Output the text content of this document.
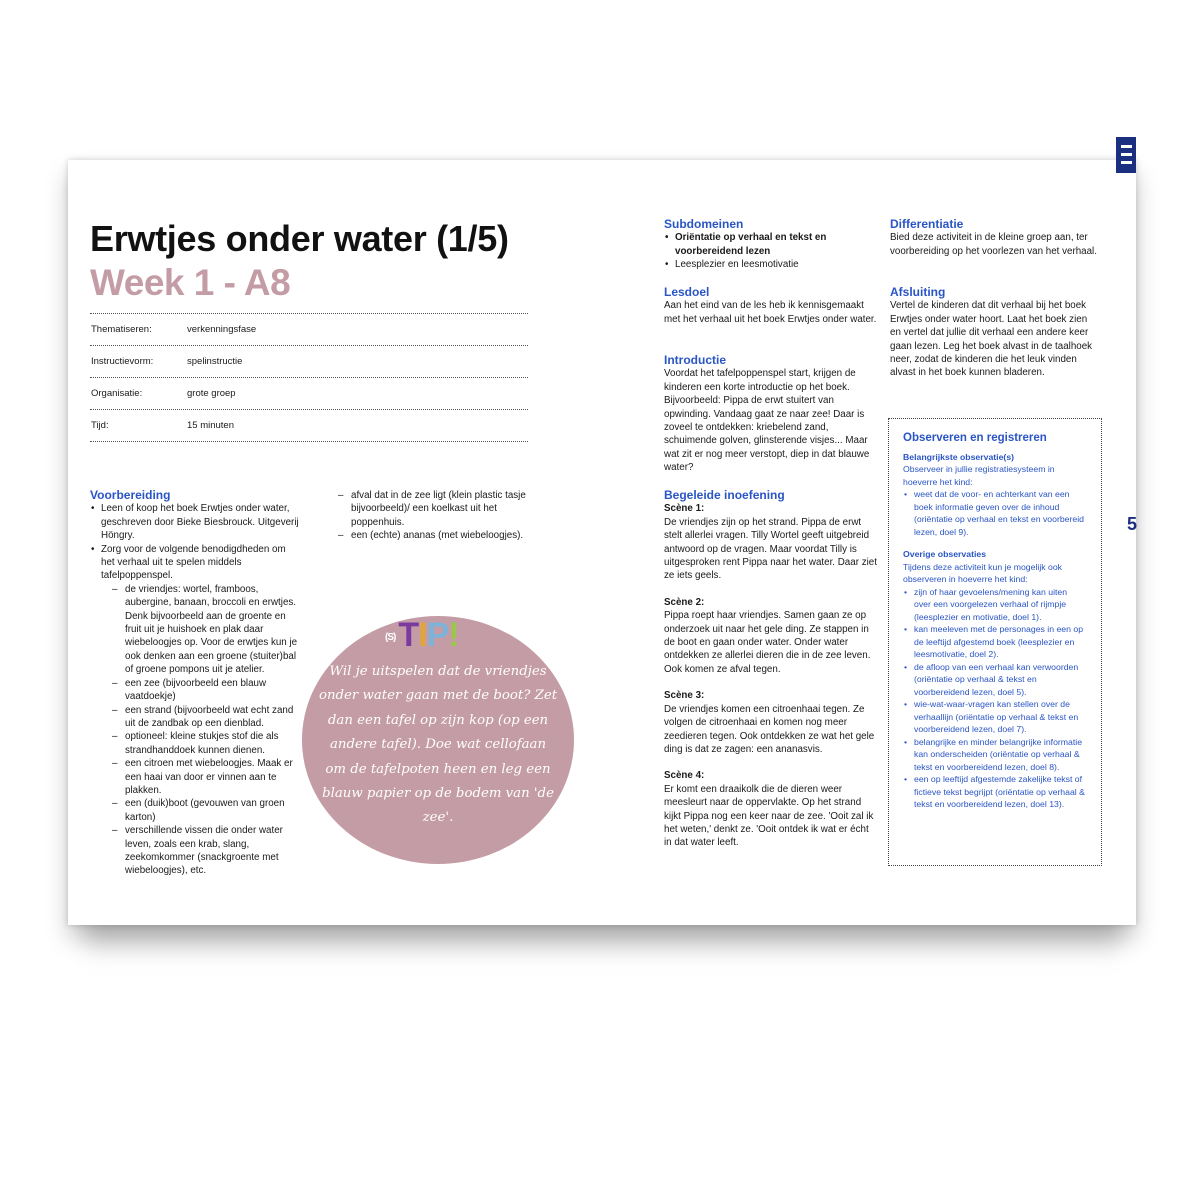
5
Erwtjes onder water (1/5)
Week 1 - A8
Thematiseren:	verkenningsfase
Instructievorm:	spelinstructie
Organisatie:	grote groep
Tijd:	15 minuten
Voorbereiding
• Leen of koop het boek Erwtjes onder water, geschreven door Bieke Biesbrouck. Uitgeverij Höngry.
• Zorg voor de volgende benodigdheden om het verhaal uit te spelen middels tafelpoppenspel.
– de vriendjes: wortel, framboos, aubergine, banaan, broccoli en erwtjes. Denk bijvoorbeeld aan de groente en fruit uit je huishoek en plak daar wiebeloogjes op. Voor de erwtjes kun je ook denken aan een groene (stuiter)bal of groene pompons uit je atelier.
– een zee (bijvoorbeeld een blauw vaatdoekje)
– een strand (bijvoorbeeld wat echt zand uit de zandbak op een dienblad.
– optioneel: kleine stukjes stof die als strandhanddoek kunnen dienen.
– een citroen met wiebeloogjes. Maak er een haai van door er vinnen aan te plakken.
– een (duik)boot (gevouwen van groen karton)
– verschillende vissen die onder water leven, zoals een krab, slang, zeekomkommer (snackgroente met wiebeloogjes), etc.
– afval dat in de zee ligt (klein plastic tasje bijvoorbeeld)/ een koelkast uit het poppenhuis.
– een (echte) ananas (met wiebeloogjes).
(S)TIP!
Wil je uitspelen dat de vriendjes onder water gaan met de boot? Zet dan een tafel op zijn kop (op een andere tafel). Doe wat cellofaan om de tafelpoten heen en leg een blauw papier op de bodem van 'de zee'.
Subdomeinen
• Oriëntatie op verhaal en tekst en voorbereidend lezen
• Leesplezier en leesmotivatie
Lesdoel

Aan het eind van de les heb ik kennisgemaakt met het verhaal uit het boek Erwtjes onder water.

Introductie

Voordat het tafelpoppenspel start, krijgen de kinderen een korte introductie op het boek. Bijvoorbeeld: Pippa de erwt stuitert van opwinding. Vandaag gaat ze naar zee! Daar is zoveel te ontdekken: kriebelend zand, schuimende golven, glinsterende visjes... Maar wat zit er nog meer verstopt, diep in dat blauwe water?

Begeleide inoefening

Scène 1:

De vriendjes zijn op het strand. Pippa de erwt stelt allerlei vragen. Tilly Wortel geeft uitgebreid antwoord op de vragen. Maar voordat Tilly is uitgesproken rent Pippa naar het water. Daar ziet ze iets geels.

Scène 2:

Pippa roept haar vriendjes. Samen gaan ze op onderzoek uit naar het gele ding. Ze stappen in de boot en gaan onder water. Onder water ontdekken ze allerlei dieren die in de zee leven. Ook komen ze afval tegen.

Scène 3:

De vriendjes komen een citroenhaai tegen. Ze volgen de citroenhaai en komen nog meer zeedieren tegen. Ook ontdekken ze wat het gele ding is dat ze zagen: een ananasvis.

Scène 4:

Er komt een draaikolk die de dieren weer meesleurt naar de oppervlakte. Op het strand kijkt Pippa nog een keer naar de zee. 'Ooit zal ik het weten,' denkt ze. 'Ooit ontdek ik wat er écht in dat water leeft.

Differentiatie

Bied deze activiteit in de kleine groep aan, ter voorbereiding op het voorlezen van het verhaal.

Afsluiting

Vertel de kinderen dat dit verhaal bij het boek Erwtjes onder water hoort. Laat het boek zien en vertel dat jullie dit verhaal een andere keer gaan lezen. Leg het boek alvast in de taalhoek neer, zodat de kinderen die het leuk vinden alvast in het boek kunnen bladeren.

Observeren en registreren
Belangrijkste observatie(s)

Observeer in jullie registratiesysteem in hoeverre het kind:

• weet dat de voor- en achterkant van een boek informatie geven over de inhoud (oriëntatie op verhaal en tekst en voorbereid lezen, doel 9).
Overige observaties

Tijdens deze activiteit kun je mogelijk ook observeren in hoeverre het kind:

• zijn of haar gevoelens/mening kan uiten over een voorgelezen verhaal of rijmpje (leesplezier en motivatie, doel 1).
• kan meeleven met de personages in een op de leeftijd afgestemd boek (leesplezier en leesmotivatie, doel 2).
• de afloop van een verhaal kan verwoorden (oriëntatie op verhaal & tekst en voorbereidend lezen, doel 5).
• wie-wat-waar-vragen kan stellen over de verhaallijn (oriëntatie op verhaal & tekst en voorbereidend lezen, doel 7).
• belangrijke en minder belangrijke informatie kan onderscheiden (oriëntatie op verhaal & tekst en voorbereidend lezen, doel 8).
• een op leeftijd afgestemde zakelijke tekst of fictieve tekst begrijpt (oriëntatie op verhaal & tekst en voorbereidend lezen, doel 13).
